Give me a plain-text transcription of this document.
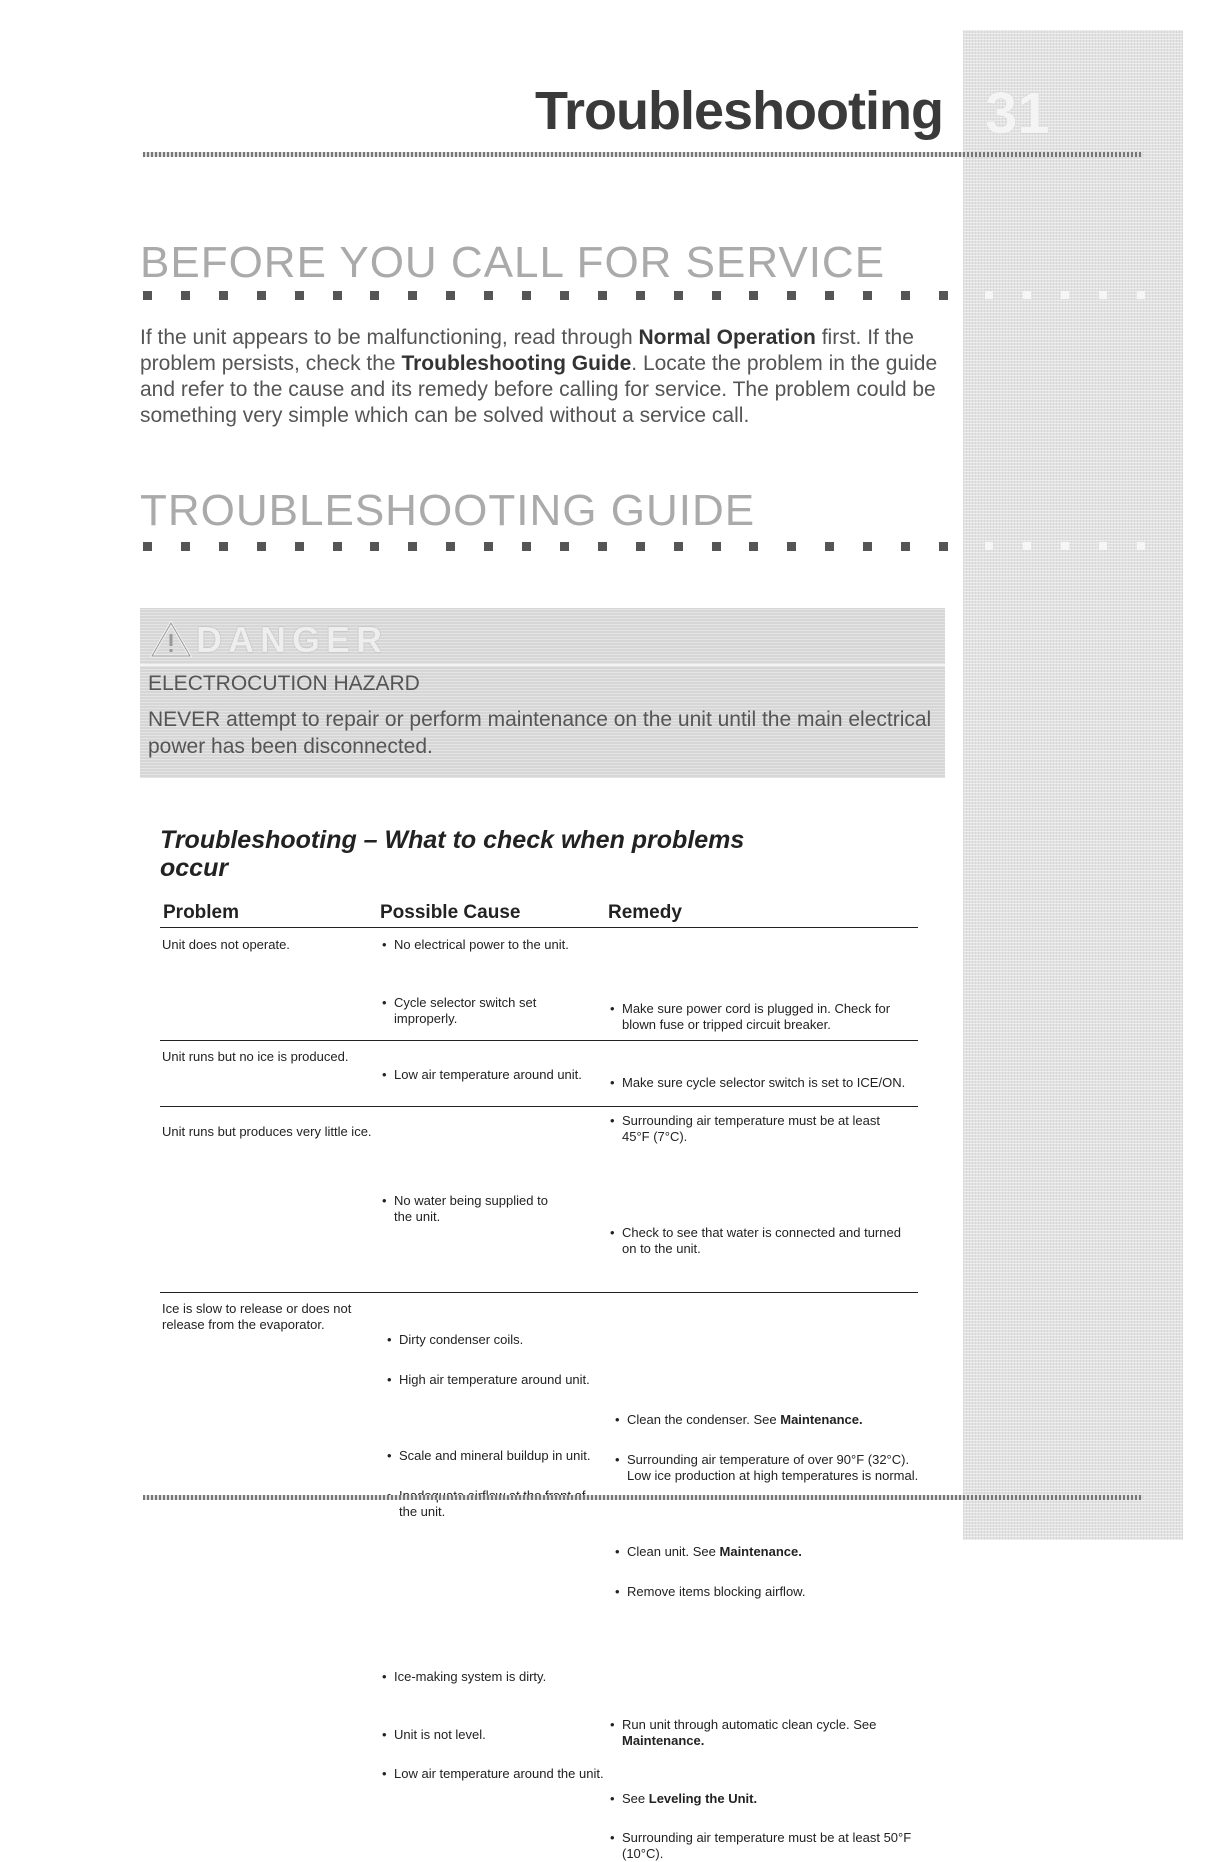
31
Troubleshooting
BEFORE YOU CALL FOR SERVICE
If the unit appears to be malfunctioning, read through Normal Operation first. If the problem persists, check the Troubleshooting Guide. Locate the problem in the guide and refer to the cause and its remedy before calling for service. The problem could be something very simple which can be solved without a service call.
TROUBLESHOOTING GUIDE
DANGER
ELECTROCUTION HAZARD
NEVER attempt to repair or perform maintenance on the unit until the main electrical power has been disconnected.
Troubleshooting – What to check when problems occur
Problem	Possible Cause	Remedy
Unit does not operate.
•	No electrical power to the unit.
• Cycle selector switch set improperly.
• Low air temperature around unit.
• Make sure power cord is plugged in. Check for blown fuse or tripped circuit breaker.
• Make sure cycle selector switch is set to ICE/ON.
• Surrounding air temperature must be at least 45°F (7°C).
Unit runs but no ice is produced.
• No water being supplied to the unit.
• Check to see that water is connected and turned on to the unit.
Unit runs but produces very little ice.
• Dirty condenser coils.
• High air temperature around unit.
• Scale and mineral buildup in unit.
• the unit.
• Clean the condenser. See Maintenance.
• Surrounding air temperature of over 90°F (32°C). Low ice production at high temperatures is normal.
• Clean unit. See Maintenance.
• Remove items blocking airflow.
Ice is slow to release or does not release from the evaporator.
• Ice-making system is dirty.
• Unit is not level.
• Low air temperature around the unit.
• Run unit through automatic clean cycle. See Maintenance.
• See Leveling the Unit.
• Surrounding air temperature must be at least 50°F (10°C).
